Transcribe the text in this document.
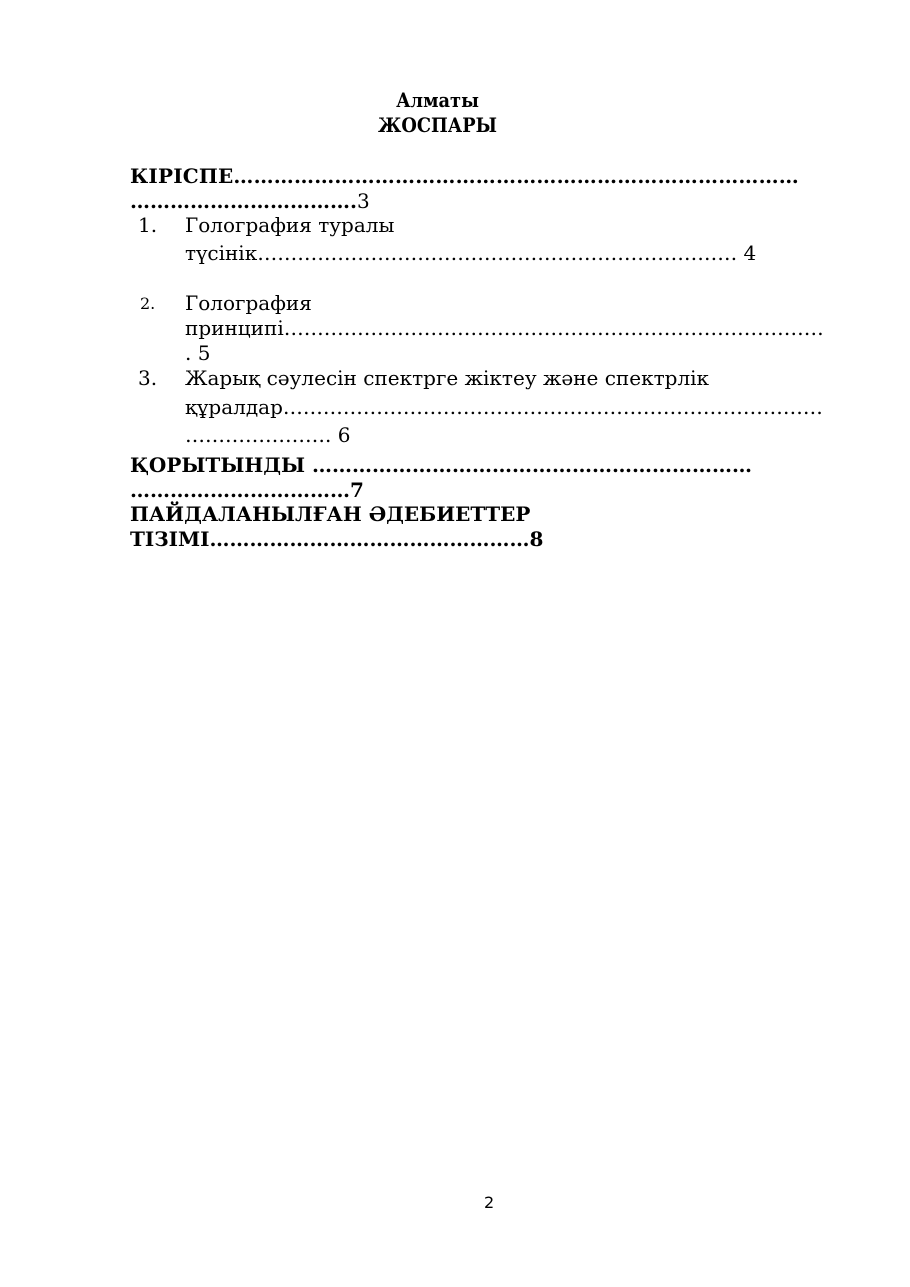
Алматы
ЖОСПАРЫ
КІРІСПЕ…………………………………………………………………………
…………………………….3
1. Голография туралы
түсінік……………………………………………………………… 4
2. Голография
принципі………………………………………………………………………
. 5
3. Жарық сәулесін спектрге жіктеу және спектрлік
құралдар………………………………………………………………………
…………………. 6
ҚОРЫТЫНДЫ …………………………………………………………
……………………………7
ПАЙДАЛАНЫЛҒАН ӘДЕБИЕТТЕР
ТІЗІМІ…………………………………………8
2
